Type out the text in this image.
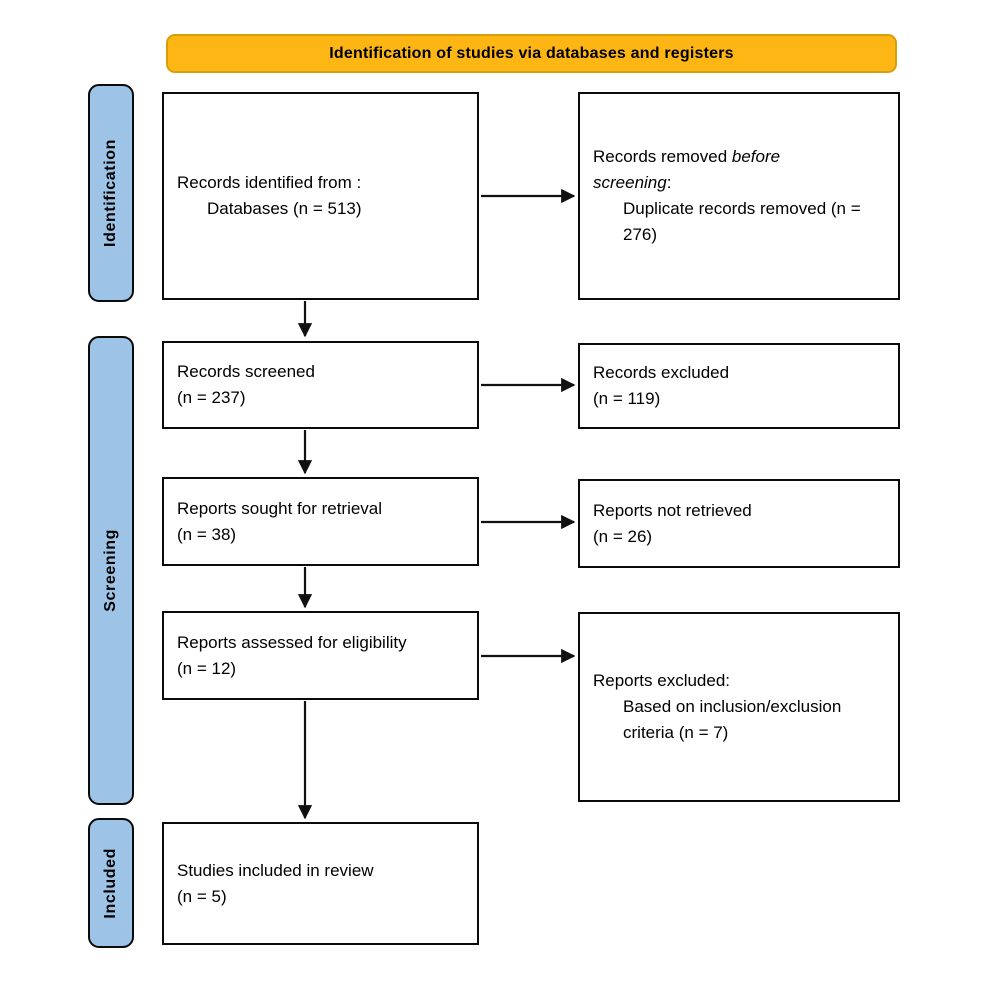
Identification of studies via databases and registers
Identification
Screening
Included
Records identified from :
Databases (n = 513)
Records screened
(n = 237)
Reports sought for retrieval
(n = 38)
Reports assessed for eligibility
(n = 12)
Studies included in review
(n = 5)

Records removed before screening:

Duplicate records removed (n = 276)
Records excluded
(n = 119)
Reports not retrieved
(n = 26)
Reports excluded:
Based on inclusion/exclusion criteria (n = 7)
